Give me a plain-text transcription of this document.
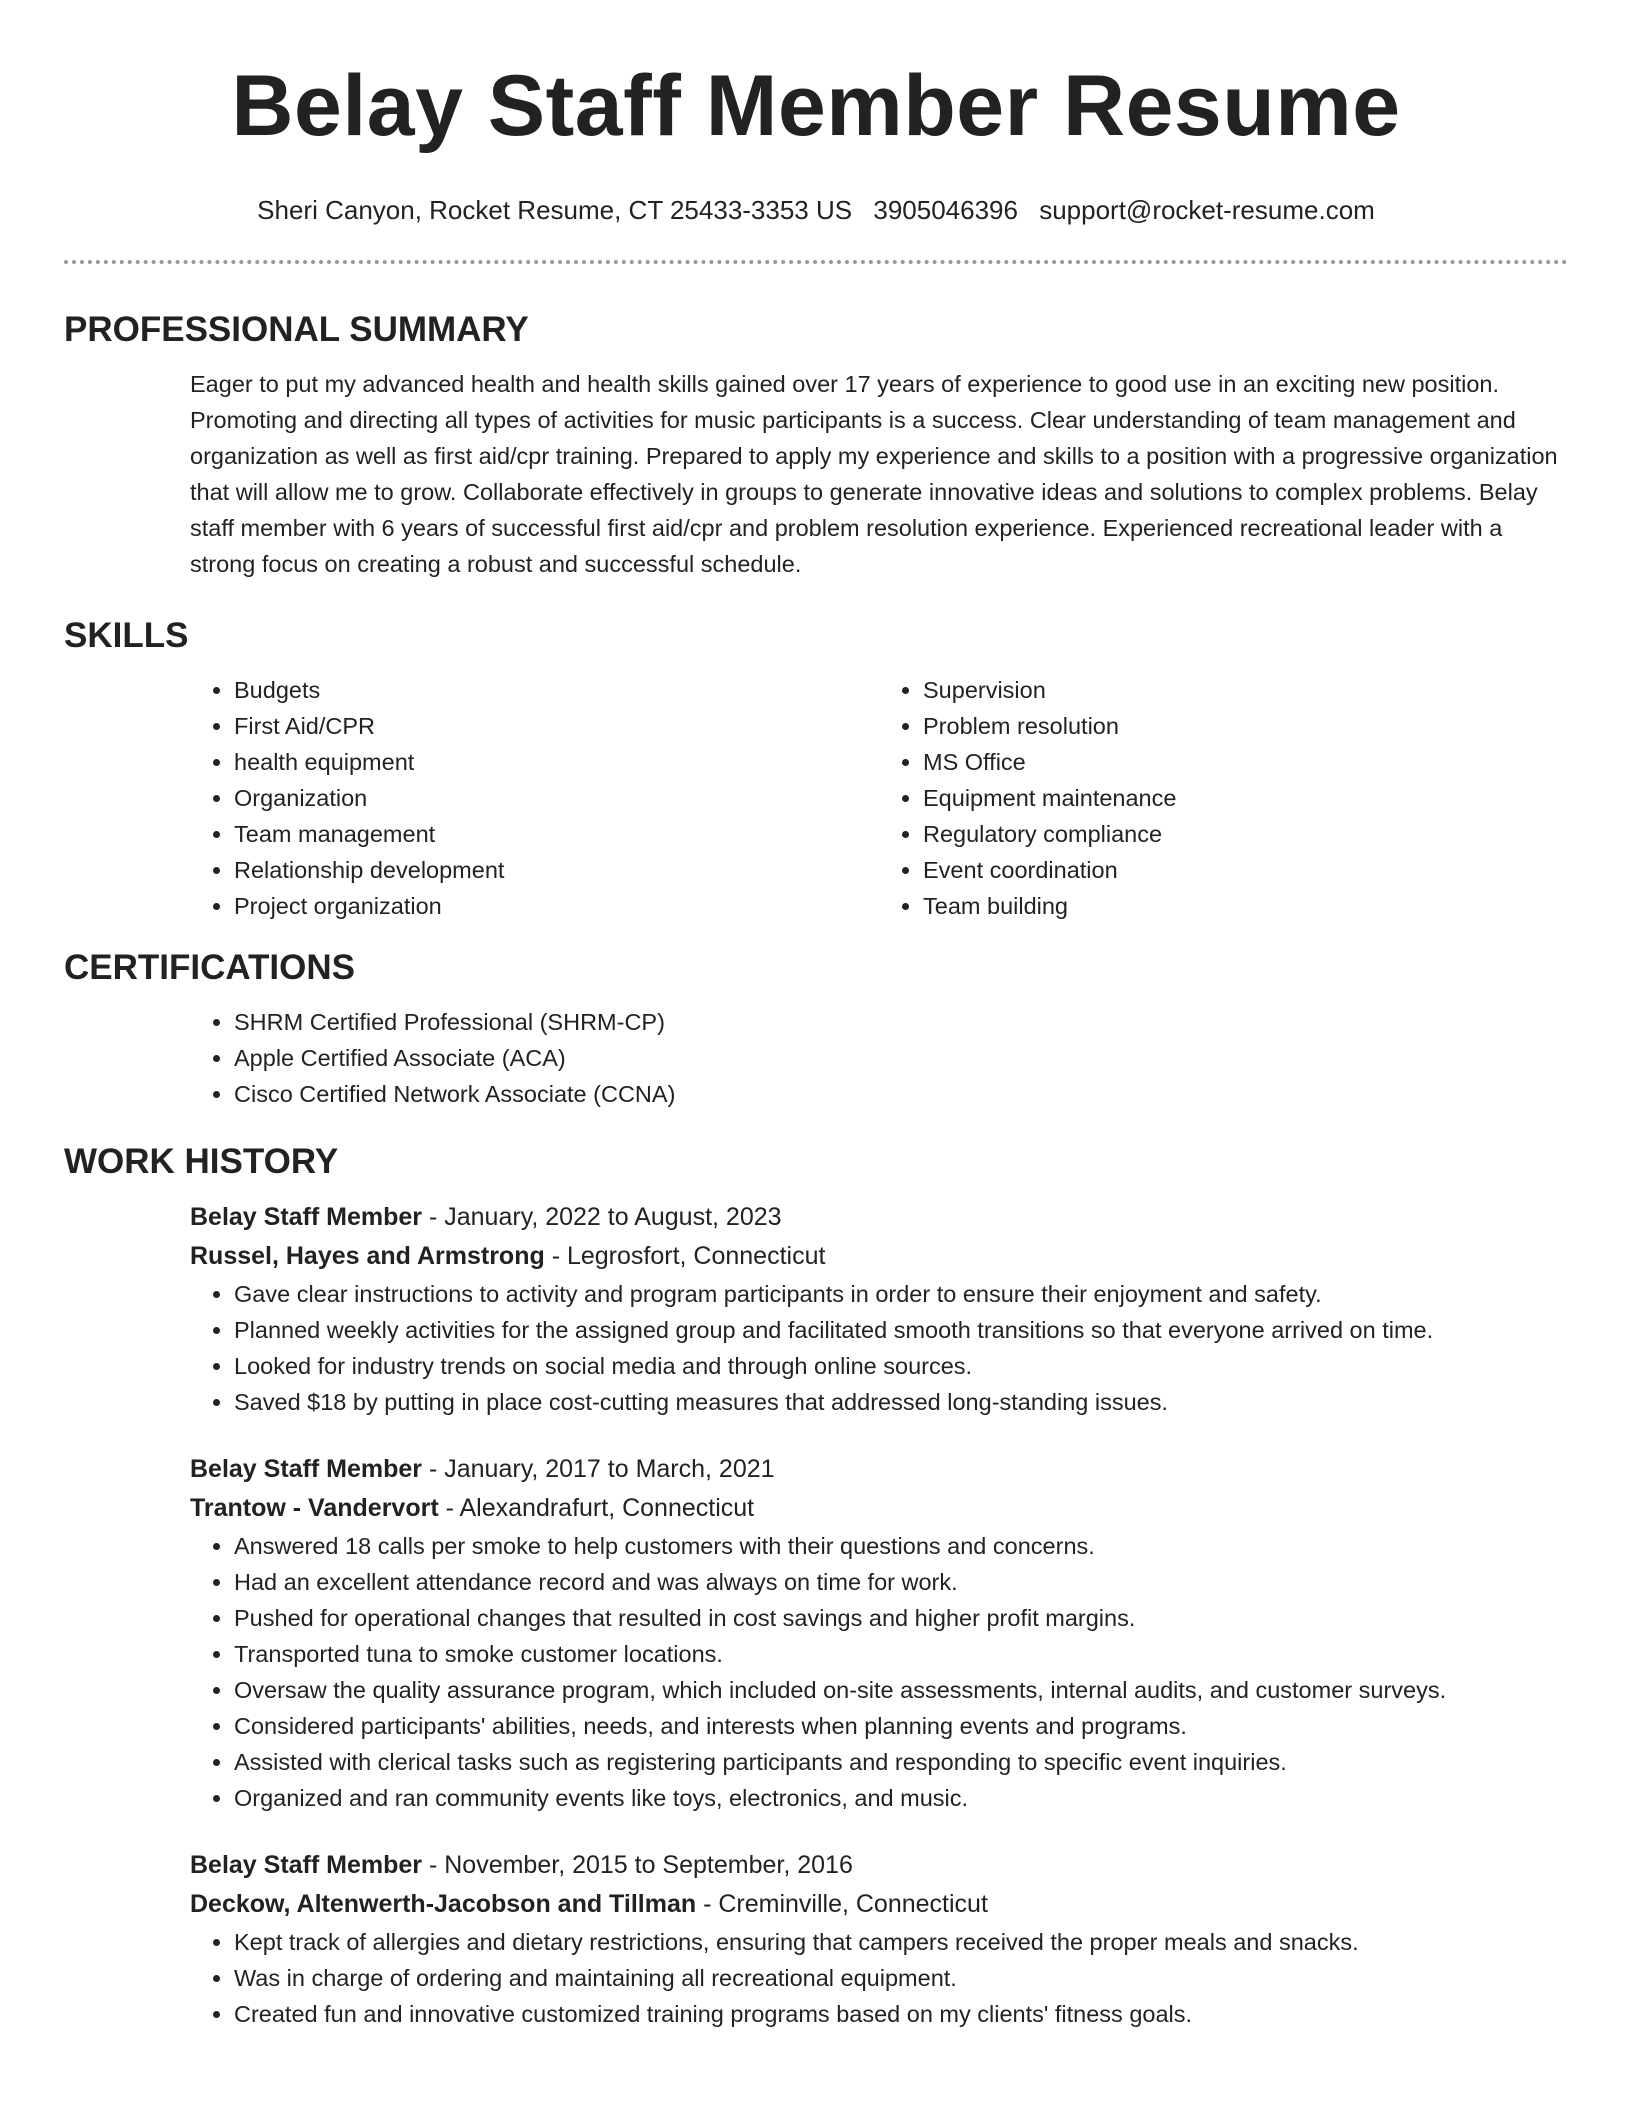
Belay Staff Member Resume
Sheri Canyon, Rocket Resume, CT 25433-3353 US 3905046396 support@rocket-resume.com
PROFESSIONAL SUMMARY

Eager to put my advanced health and health skills gained over 17 years of experience to good use in an exciting new position. Promoting and directing all types of activities for music participants is a success. Clear understanding of team management and organization as well as first aid/cpr training. Prepared to apply my experience and skills to a position with a progressive organization that will allow me to grow. Collaborate effectively in groups to generate innovative ideas and solutions to complex problems. Belay staff member with 6 years of successful first aid/cpr and problem resolution experience. Experienced recreational leader with a strong focus on creating a robust and successful schedule.

SKILLS
• Budgets
• First Aid/CPR
• health equipment
• Organization
• Team management
• Relationship development
• Project organization
• Supervision
• Problem resolution
• MS Office
• Equipment maintenance
• Regulatory compliance
• Event coordination
• Team building
CERTIFICATIONS
• SHRM Certified Professional (SHRM-CP)
• Apple Certified Associate (ACA)
• Cisco Certified Network Associate (CCNA)
WORK HISTORY
Belay Staff Member - January, 2022 to August, 2023
Russel, Hayes and Armstrong - Legrosfort, Connecticut
• Gave clear instructions to activity and program participants in order to ensure their enjoyment and safety.
• Planned weekly activities for the assigned group and facilitated smooth transitions so that everyone arrived on time.
• Looked for industry trends on social media and through online sources.
• Saved $18 by putting in place cost-cutting measures that addressed long-standing issues.
Belay Staff Member - January, 2017 to March, 2021
Trantow - Vandervort - Alexandrafurt, Connecticut
• Answered 18 calls per smoke to help customers with their questions and concerns.
• Had an excellent attendance record and was always on time for work.
• Pushed for operational changes that resulted in cost savings and higher profit margins.
• Transported tuna to smoke customer locations.
• Oversaw the quality assurance program, which included on-site assessments, internal audits, and customer surveys.
• Considered participants' abilities, needs, and interests when planning events and programs.
• Assisted with clerical tasks such as registering participants and responding to specific event inquiries.
• Organized and ran community events like toys, electronics, and music.
Belay Staff Member - November, 2015 to September, 2016
Deckow, Altenwerth-Jacobson and Tillman - Creminville, Connecticut
• Kept track of allergies and dietary restrictions, ensuring that campers received the proper meals and snacks.
• Was in charge of ordering and maintaining all recreational equipment.
• Created fun and innovative customized training programs based on my clients' fitness goals.
